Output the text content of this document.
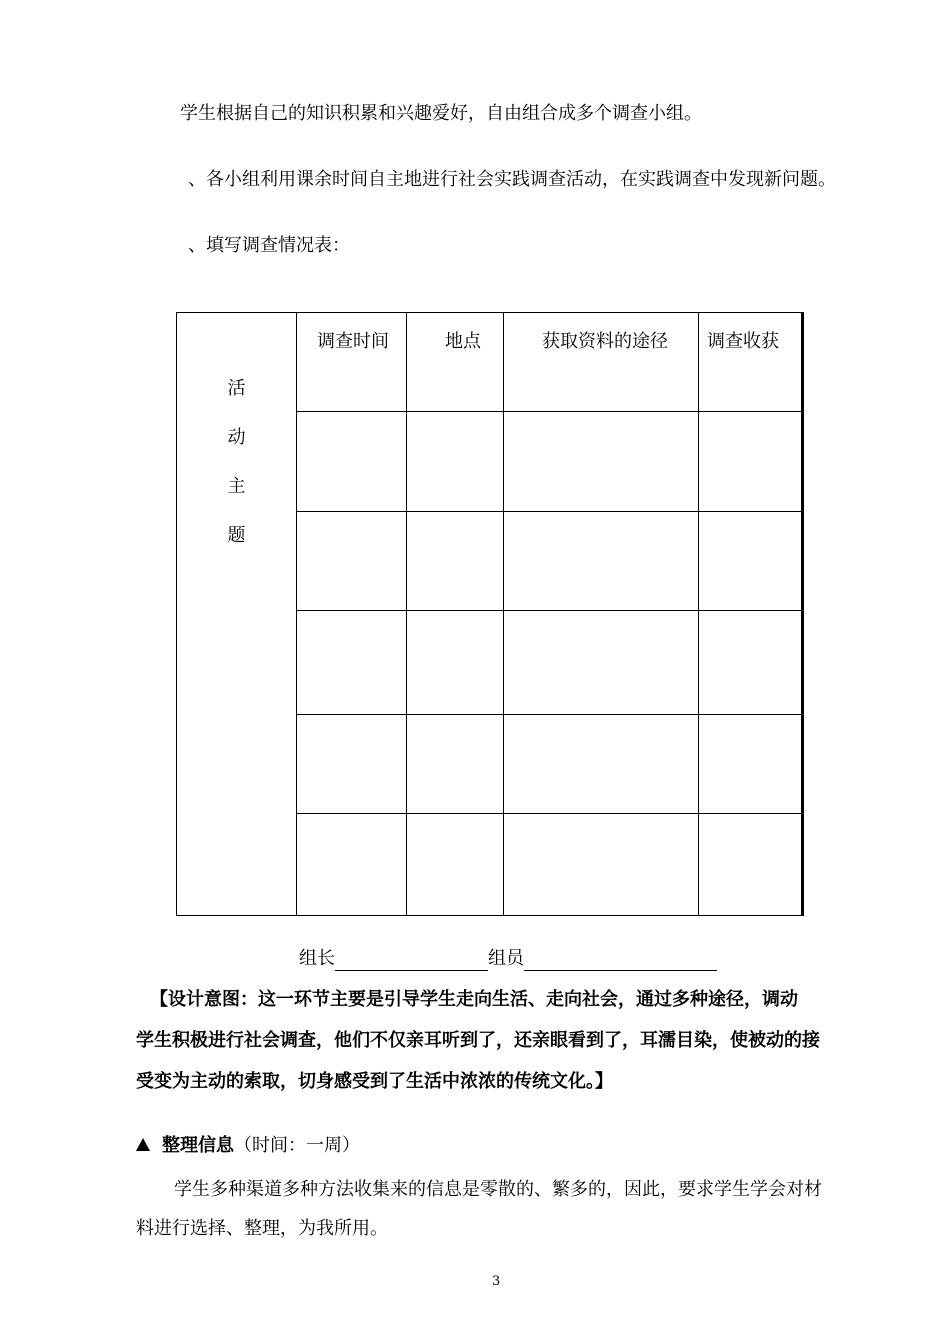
学生根据自己的知识积累和兴趣爱好，自由组合成多个调查小组。
、各小组利用课余时间自主地进行社会实践调查活动，在实践调查中发现新问题。
、填写调查情况表：
活
动
主
题	调查时间	地点	获取资料的途径	调查收获

组长	组员
【设计意图：这一环节主要是引导学生走向生活、走向社会，通过多种途径，调动
学生积极进行社会调查，他们不仅亲耳听到了，还亲眼看到了，耳濡目染，使被动的接
受变为主动的索取，切身感受到了生活中浓浓的传统文化。】
整理信息（时间：一周）
学生多种渠道多种方法收集来的信息是零散的、繁多的，因此，要求学生学会对材
料进行选择、整理，为我所用。
3
